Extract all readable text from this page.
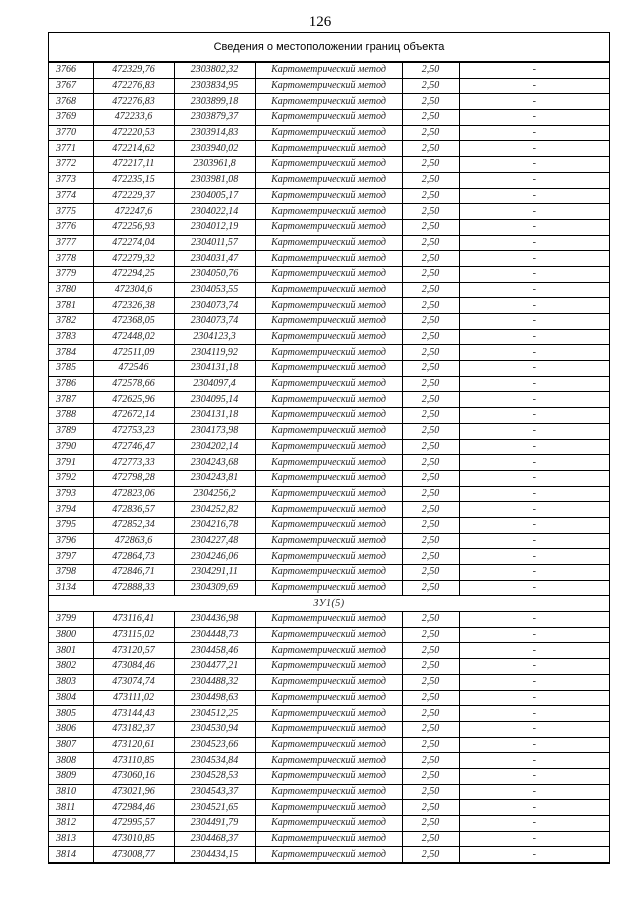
126
Сведения о местоположении границ объекта
3766	472329,76	2303802,32	Картометрический метод	2,50	-
3767	472276,83	2303834,95	Картометрический метод	2,50	-
3768	472276,83	2303899,18	Картометрический метод	2,50	-
3769	472233,6	2303879,37	Картометрический метод	2,50	-
3770	472220,53	2303914,83	Картометрический метод	2,50	-
3771	472214,62	2303940,02	Картометрический метод	2,50	-
3772	472217,11	2303961,8	Картометрический метод	2,50	-
3773	472235,15	2303981,08	Картометрический метод	2,50	-
3774	472229,37	2304005,17	Картометрический метод	2,50	-
3775	472247,6	2304022,14	Картометрический метод	2,50	-
3776	472256,93	2304012,19	Картометрический метод	2,50	-
3777	472274,04	2304011,57	Картометрический метод	2,50	-
3778	472279,32	2304031,47	Картометрический метод	2,50	-
3779	472294,25	2304050,76	Картометрический метод	2,50	-
3780	472304,6	2304053,55	Картометрический метод	2,50	-
3781	472326,38	2304073,74	Картометрический метод	2,50	-
3782	472368,05	2304073,74	Картометрический метод	2,50	-
3783	472448,02	2304123,3	Картометрический метод	2,50	-
3784	472511,09	2304119,92	Картометрический метод	2,50	-
3785	472546	2304131,18	Картометрический метод	2,50	-
3786	472578,66	2304097,4	Картометрический метод	2,50	-
3787	472625,96	2304095,14	Картометрический метод	2,50	-
3788	472672,14	2304131,18	Картометрический метод	2,50	-
3789	472753,23	2304173,98	Картометрический метод	2,50	-
3790	472746,47	2304202,14	Картометрический метод	2,50	-
3791	472773,33	2304243,68	Картометрический метод	2,50	-
3792	472798,28	2304243,81	Картометрический метод	2,50	-
3793	472823,06	2304256,2	Картометрический метод	2,50	-
3794	472836,57	2304252,82	Картометрический метод	2,50	-
3795	472852,34	2304216,78	Картометрический метод	2,50	-
3796	472863,6	2304227,48	Картометрический метод	2,50	-
3797	472864,73	2304246,06	Картометрический метод	2,50	-
3798	472846,71	2304291,11	Картометрический метод	2,50	-
3134	472888,33	2304309,69	Картометрический метод	2,50	-
ЗУ1(5)					
3799	473116,41	2304436,98	Картометрический метод	2,50	-
3800	473115,02	2304448,73	Картометрический метод	2,50	-
3801	473120,57	2304458,46	Картометрический метод	2,50	-
3802	473084,46	2304477,21	Картометрический метод	2,50	-
3803	473074,74	2304488,32	Картометрический метод	2,50	-
3804	473111,02	2304498,63	Картометрический метод	2,50	-
3805	473144,43	2304512,25	Картометрический метод	2,50	-
3806	473182,37	2304530,94	Картометрический метод	2,50	-
3807	473120,61	2304523,66	Картометрический метод	2,50	-
3808	473110,85	2304534,84	Картометрический метод	2,50	-
3809	473060,16	2304528,53	Картометрический метод	2,50	-
3810	473021,96	2304543,37	Картометрический метод	2,50	-
3811	472984,46	2304521,65	Картометрический метод	2,50	-
3812	472995,57	2304491,79	Картометрический метод	2,50	-
3813	473010,85	2304468,37	Картометрический метод	2,50	-
3814	473008,77	2304434,15	Картометрический метод	2,50	-
